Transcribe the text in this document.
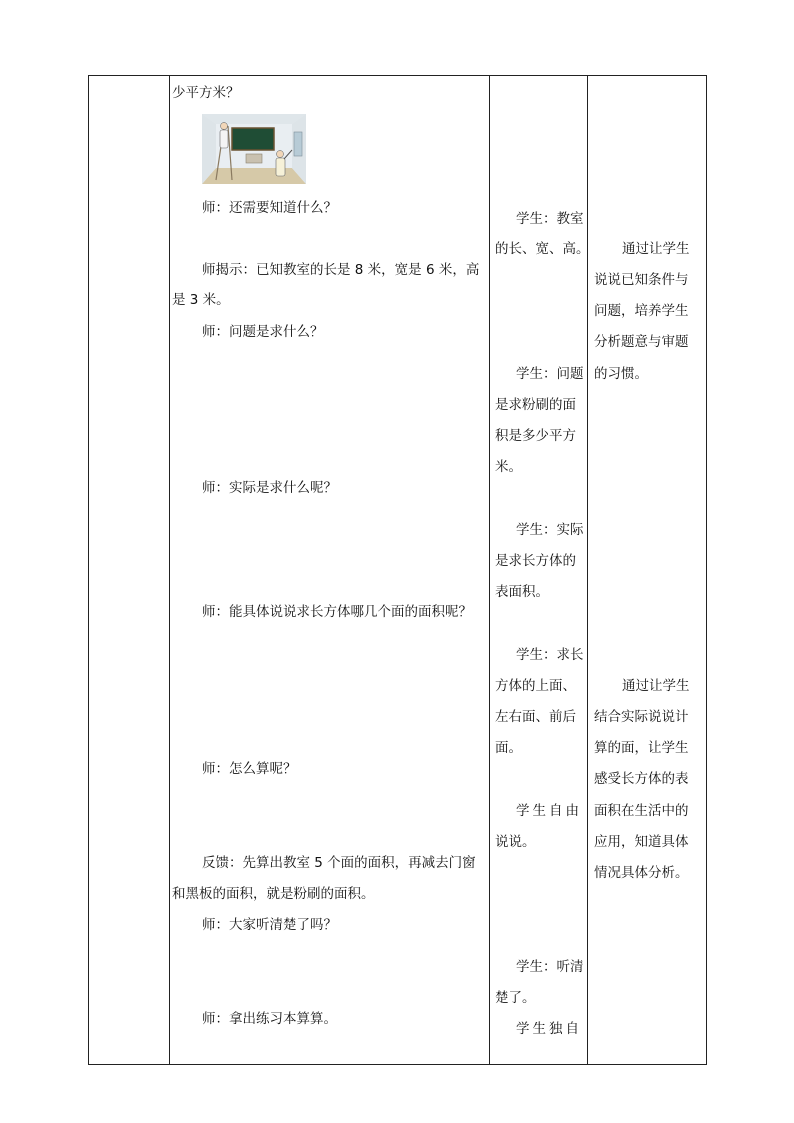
少平方米？
师：还需要知道什么？
师揭示：已知教室的长是 8 米，宽是 6 米，高
是 3 米。
师：问题是求什么？
师：实际是求什么呢？
师：能具体说说求长方体哪几个面的面积呢？
师：怎么算呢？
反馈：先算出教室 5 个面的面积，再减去门窗
和黑板的面积，就是粉刷的面积。
师：大家听清楚了吗？
师：拿出练习本算算。
学生：教室
的长、宽、高。
学生：问题
是求粉刷的面
积是多少平方
米。
学生：实际
是求长方体的
表面积。
学生：求长
方体的上面、
左右面、前后
面。
学生自由
说说。
学生：听清
楚了。
学生独自
通过让学生
说说已知条件与
问题，培养学生
分析题意与审题
的习惯。
通过让学生
结合实际说说计
算的面，让学生
感受长方体的表
面积在生活中的
应用，知道具体
情况具体分析。
